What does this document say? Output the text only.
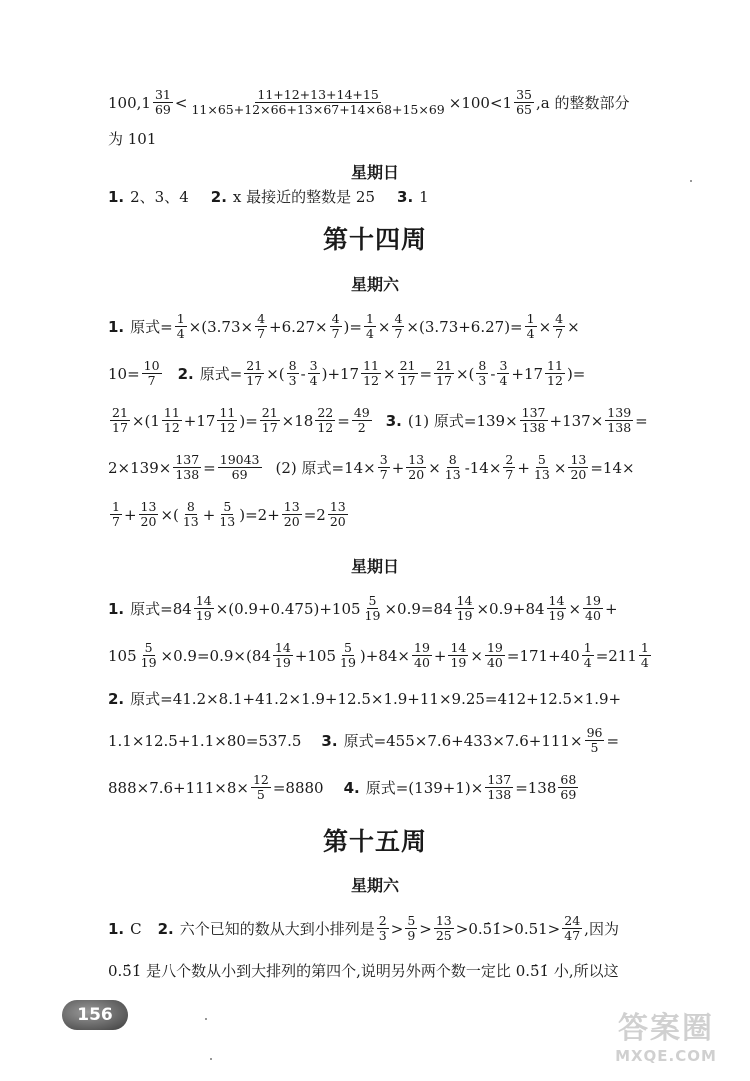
$100,1 \frac{31}{69} < \frac{11+12+13+14+15}{11\times 65+12\times 66+13\times 67+14\times 68+15\times 69} \times 100<1 \frac{35}{65} ,a$ 的整数部分
为 101
星期日
1. 2、3、4 2. x 最接近的整数是 25 3. 1
第十四周
星期六
1. 原式= $\frac{1}{4} \times(3.73\times \frac{4}{7} +6.27\times \frac{4}{7}$ )= $\frac{1}{4} \times \frac{4}{7} \times(3.73+6.27)= \frac{1}{4} \times \frac{4}{7}$ ×
$10= \frac{10}{7} 2$. 原式= $\frac{21}{17}$ ×( $\frac{8}{3} - \frac{3}{4} )+17 \frac{11}{12} \times \frac{21}{17} = \frac{21}{17}$ ×( $\frac{8}{3} - \frac{3}{4} +17 \frac{11}{12}$ )=
$\frac{21}{17} \times(1 \frac{11}{12} +17 \frac{11}{12}$ )= $\frac{21}{17} \times 18 \frac{22}{12} = \frac{49}{2} 3$. (1) 原式$=139\times \frac{137}{138} +137\times \frac{139}{138}$ =
$2\times 139\times \frac{137}{138} = \frac{19043}{69} (2)$ 原式$=14\times \frac{3}{7} + \frac{13}{20} \times \frac{8}{13} -14\times \frac{2}{7} + \frac{5}{13} \times \frac{13}{20} =14\times$
$\frac{1}{7} + \frac{13}{20}$ ×( $\frac{8}{13} + \frac{5}{13} )=2+ \frac{13}{20} =2 \frac{13}{20}$
星期日
1. 原式$=84 \frac{14}{19} \times(0.9+0.475)+105 \frac{5}{19} \times 0.9=84 \frac{14}{19} \times 0.9+84 \frac{14}{19} \times \frac{19}{40}$ +
$105 \frac{5}{19} \times 0.9=0.9\times(84 \frac{14}{19} +105 \frac{5}{19} )+84\times \frac{19}{40} + \frac{14}{19} \times \frac{19}{40} =171+40 \frac{1}{4} =211 \frac{1}{4}$
2. 原式=41.2×8.1+41.2×1.9+12.5×1.9+11×9.25=412+12.5×1.9+
1.1×12.5+1.1×80=537.5 3. 原式$=455\times 7.6+433\times 7.6+111\times \frac{96}{5}$ =
$888\times 7.6+111\times 8\times \frac{12}{5} =8880$ 4. 原式$=(139+1)\times \frac{137}{138} =138 \frac{68}{69}$
第十五周
星期六
1. C 2. 六个已知的数从大到小排列是 $\frac{2}{3} > \frac{5}{9} > \frac{13}{25}$ >0.5̇1̇>0.51> $\frac{24}{47}$ ,因为
0.5̇1̇ 是八个数从小到大排列的第四个,说明另外两个数一定比 0.5̇1̇ 小,所以这
156	答案圈
MXQE.COM
